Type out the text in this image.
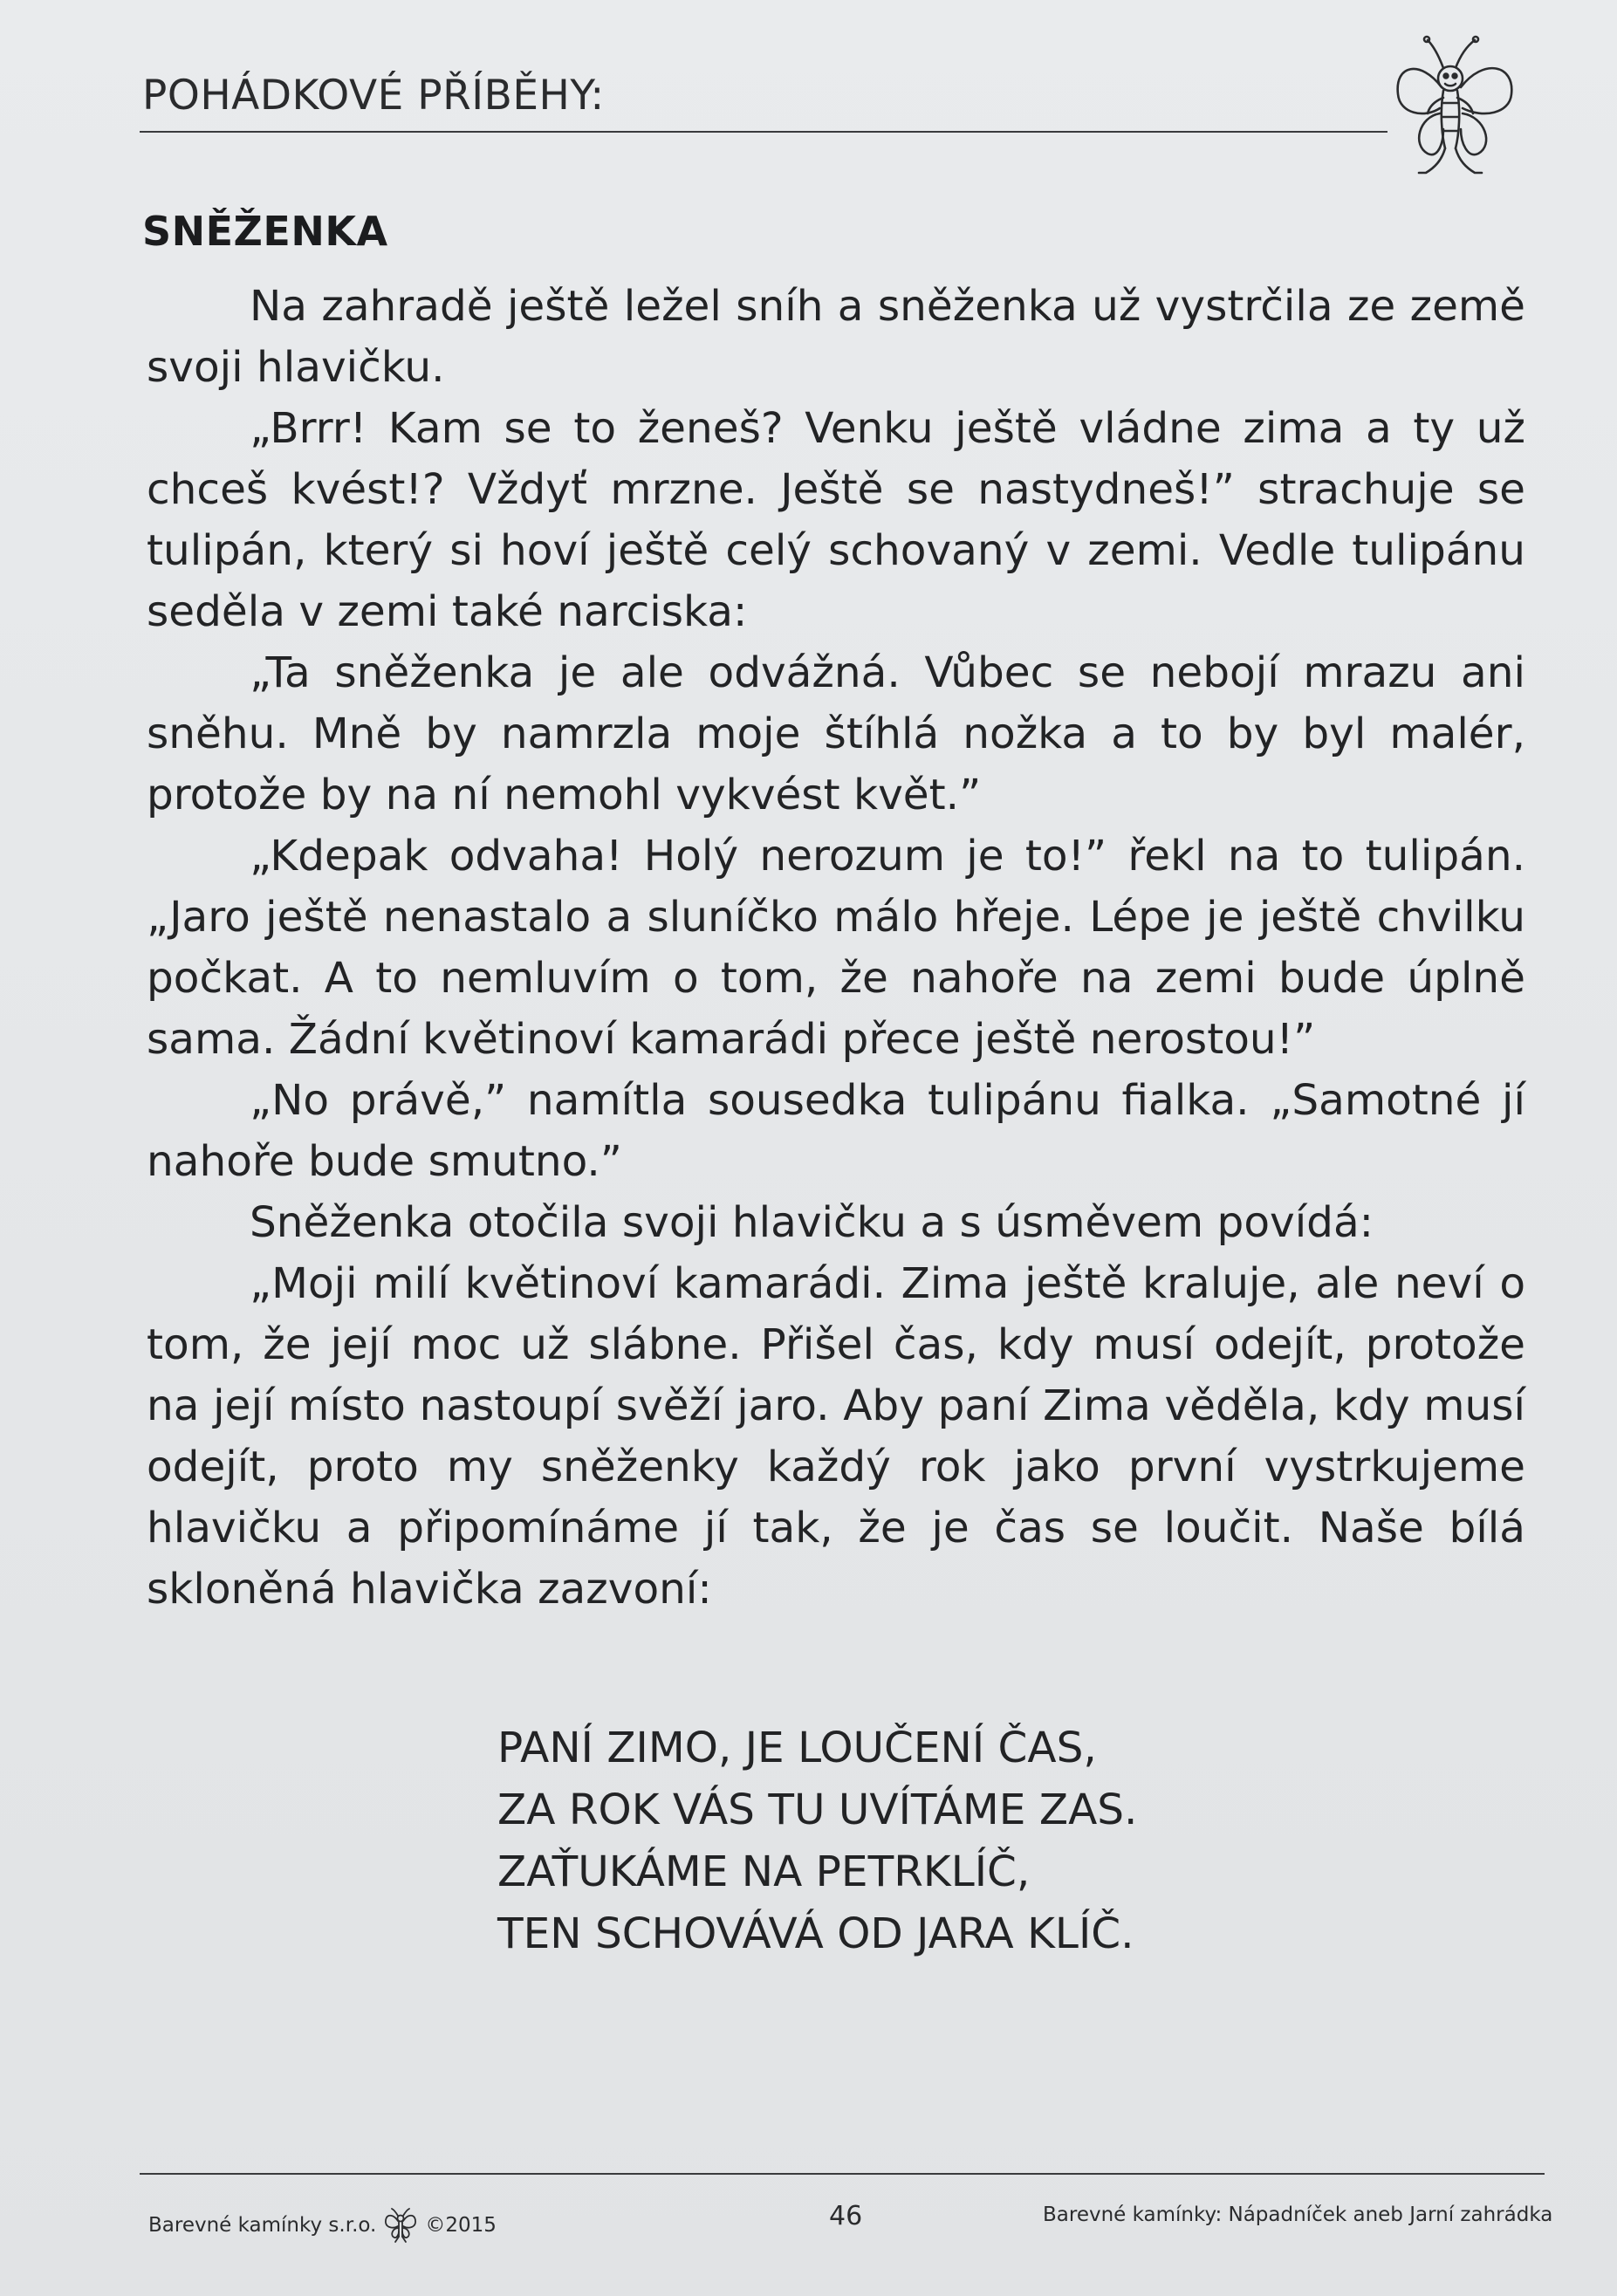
POHÁDKOVÉ PŘÍBĚHY:
SNĚŽENKA

Na zahradě ještě ležel sníh a sněženka už vystrčila ze země svoji hlavičku.

„Brrr! Kam se to ženeš? Venku ještě vládne zima a ty už chceš kvést!? Vždyť mrzne. Ještě se nastydneš!” strachuje se tulipán, který si hoví ještě celý schovaný v zemi. Vedle tulipánu seděla v zemi také narciska:

„Ta sněženka je ale odvážná. Vůbec se nebojí mrazu ani sněhu. Mně by namrzla moje štíhlá nožka a to by byl malér, protože by na ní nemohl vykvést květ.”

„Kdepak odvaha! Holý nerozum je to!” řekl na to tulipán. „Jaro ještě nenastalo a sluníčko málo hřeje. Lépe je ještě chvilku počkat. A to nemluvím o tom, že nahoře na zemi bude úplně sama. Žádní květinoví kamarádi přece ještě nerostou!”

„No právě,” namítla sousedka tulipánu fialka. „Samotné jí nahoře bude smutno.”

Sněženka otočila svoji hlavičku a s úsměvem povídá:

„Moji milí květinoví kamarádi. Zima ještě kraluje, ale neví o tom, že její moc už slábne. Přišel čas, kdy musí odejít, protože na její místo nastoupí svěží jaro. Aby paní Zima věděla, kdy musí odejít, proto my sněženky každý rok jako první vystrkujeme hlavičku a připomínáme jí tak, že je čas se loučit. Naše bílá skloněná hlavička zazvoní:

PANÍ ZIMO, JE LOUČENÍ ČAS,
ZA ROK VÁS TU UVÍTÁME ZAS.
ZAŤUKÁME NA PETRKLÍČ,
TEN SCHOVÁVÁ OD JARA KLÍČ.
Barevné kamínky s.r.o. ©2015	46	Barevné kamínky: Nápadníček aneb Jarní zahrádka
